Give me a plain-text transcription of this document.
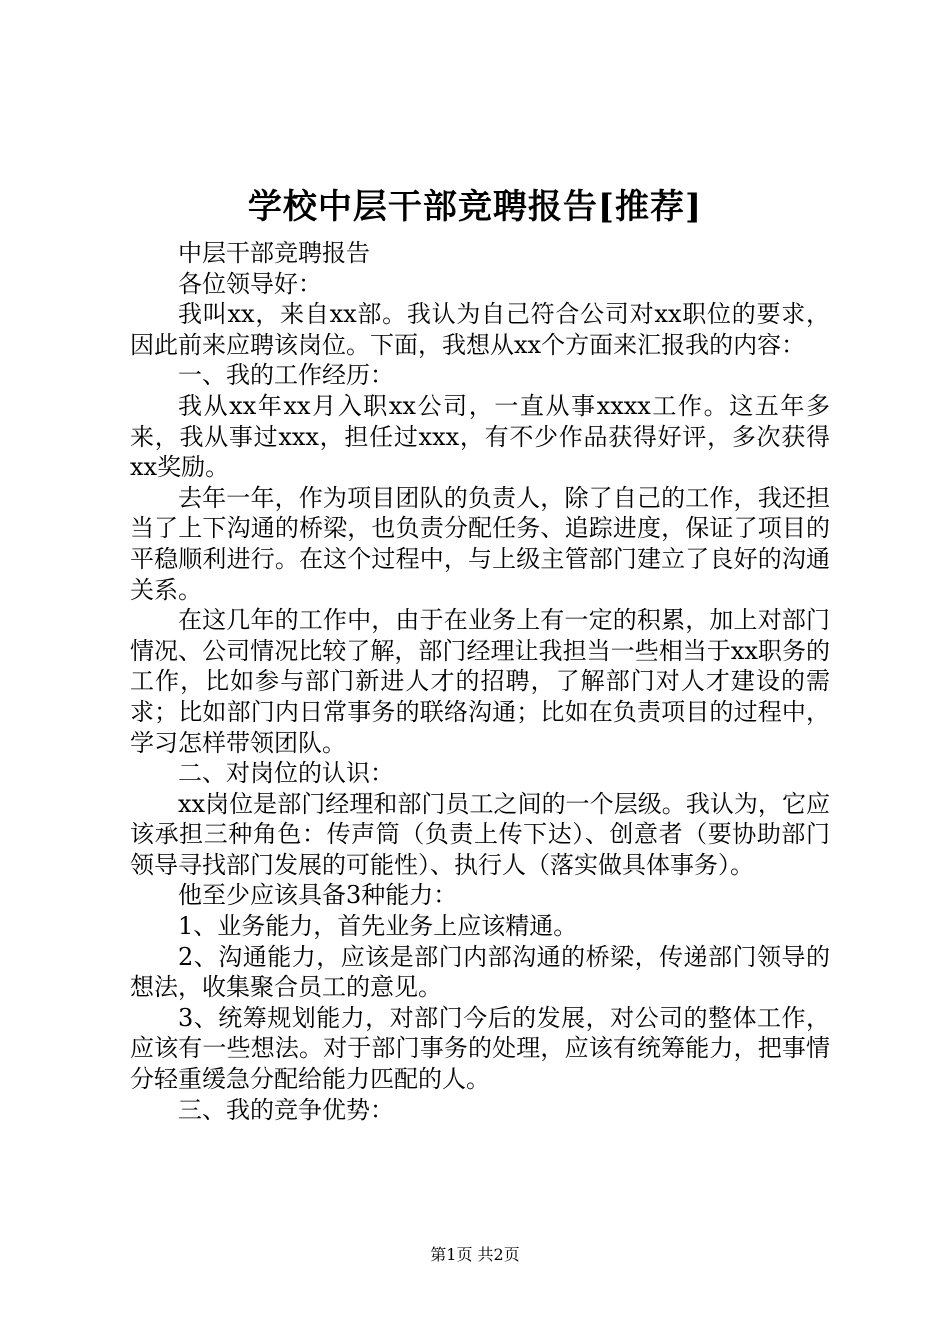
学校中层干部竞聘报告[推荐]

中层干部竞聘报告

各位领导好：

我叫xx，来自xx部。我认为自己符合公司对xx职位的要求，因此前来应聘该岗位。下面，我想从xx个方面来汇报我的内容：

一、我的工作经历：

我从xx年xx月入职xx公司，一直从事xxxx工作。这五年多来，我从事过xxx，担任过xxx，有不少作品获得好评，多次获得xx奖励。

去年一年，作为项目团队的负责人，除了自己的工作，我还担当了上下沟通的桥梁，也负责分配任务、追踪进度，保证了项目的平稳顺利进行。在这个过程中，与上级主管部门建立了良好的沟通关系。

在这几年的工作中，由于在业务上有一定的积累，加上对部门情况、公司情况比较了解，部门经理让我担当一些相当于xx职务的工作，比如参与部门新进人才的招聘，了解部门对人才建设的需求；比如部门内日常事务的联络沟通；比如在负责项目的过程中，学习怎样带领团队。

二、对岗位的认识：

xx岗位是部门经理和部门员工之间的一个层级。我认为，它应该承担三种角色：传声筒（负责上传下达）、创意者（要协助部门领导寻找部门发展的可能性）、执行人（落实做具体事务）。

他至少应该具备3种能力：

1、业务能力，首先业务上应该精通。

2、沟通能力，应该是部门内部沟通的桥梁，传递部门领导的想法，收集聚合员工的意见。

3、统筹规划能力，对部门今后的发展，对公司的整体工作，应该有一些想法。对于部门事务的处理，应该有统筹能力，把事情分轻重缓急分配给能力匹配的人。

三、我的竞争优势：

第1页 共2页
